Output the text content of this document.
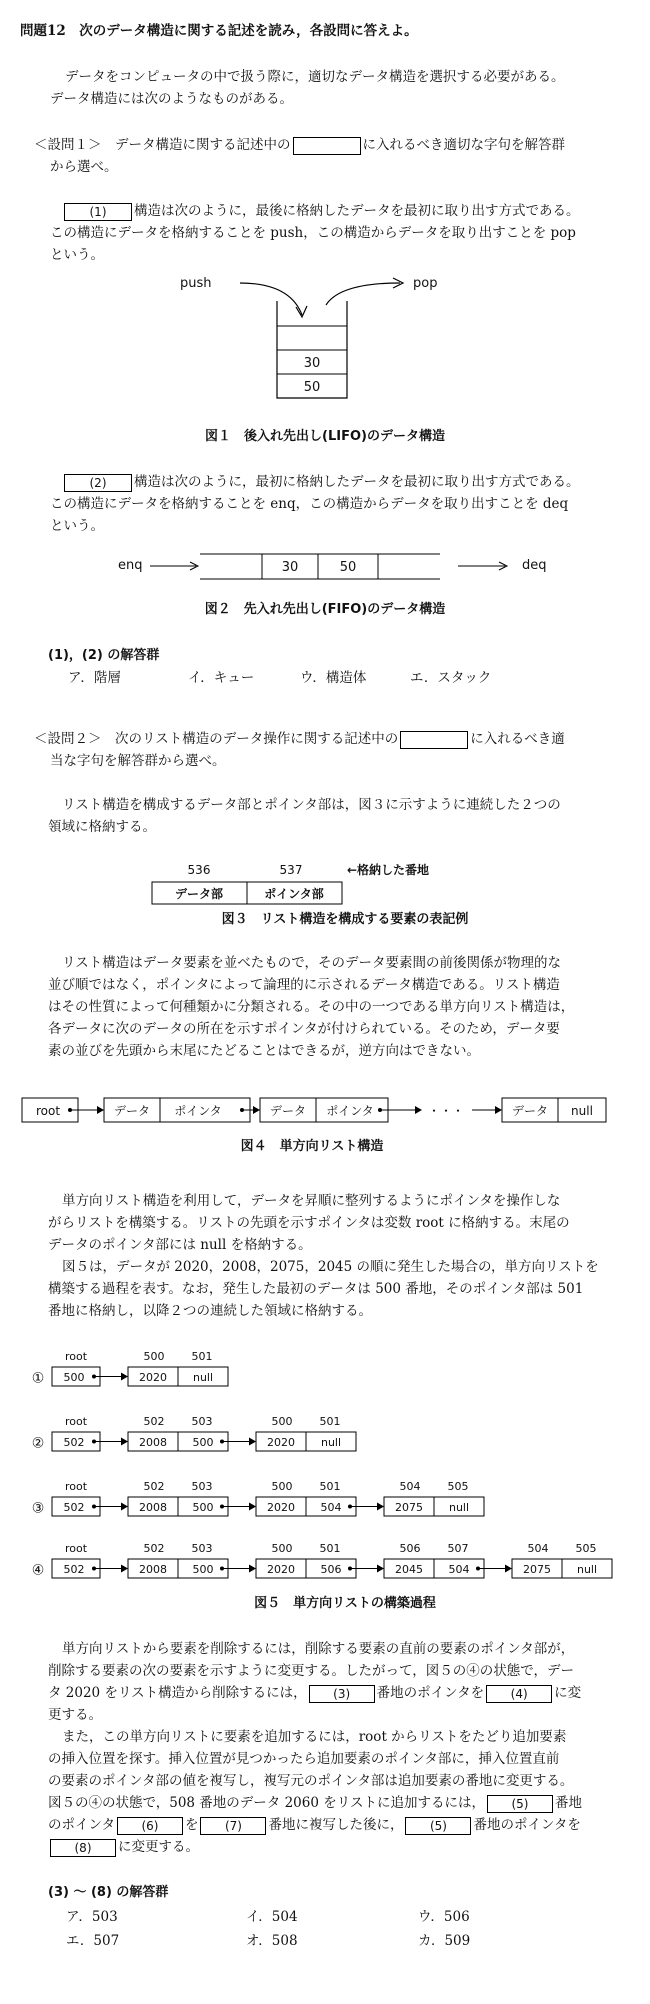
問題12　次のデータ構造に関する記述を読み，各設問に答えよ。

データをコンピュータの中で扱う際に，適切なデータ構造を選択する必要がある。

データ構造には次のようなものがある。

＜設問１＞　データ構造に関する記述中の	に入れるべき適切な字句を解答群

から選べ。

(1) 構造は次のように，最後に格納したデータを最初に取り出す方式である。

この構造にデータを格納することを push，この構造からデータを取り出すことを pop

という。

push	pop
30
50
図１　後入れ先出し(LIFO)のデータ構造

(2) 構造は次のように，最初に格納したデータを最初に取り出す方式である。

この構造にデータを格納することを enq，この構造からデータを取り出すことを deq

という。

enq	30	50	deq
図２　先入れ先出し(FIFO)のデータ構造

(1)，(2) の解答群

ア．階層	イ．キュー	ウ．構造体	エ．スタック

＜設問２＞　次のリスト構造のデータ操作に関する記述中の	に入れるべき適

当な字句を解答群から選べ。

リスト構造を構成するデータ部とポインタ部は，図３に示すように連続した２つの

領域に格納する。

536	537	←格納した番地
データ部	ポインタ部
図３　リスト構造を構成する要素の表記例

リスト構造はデータ要素を並べたもので，そのデータ要素間の前後関係が物理的な

並び順ではなく，ポインタによって論理的に示されるデータ構造である。リスト構造

はその性質によって何種類かに分類される。その中の一つである単方向リスト構造は，

各データに次のデータの所在を示すポインタが付けられている。そのため，データ要

素の並びを先頭から末尾にたどることはできるが，逆方向はできない。

root	データ ポインタ	データ ポインタ	・・・	データ null
図４　単方向リスト構造

単方向リスト構造を利用して，データを昇順に整列するようにポインタを操作しな

がらリストを構築する。リストの先頭を示すポインタは変数 root に格納する。末尾の

データのポインタ部には null を格納する。

図５は，データが 2020，2008，2075，2045 の順に発生した場合の，単方向リストを

構築する過程を表す。なお，発生した最初のデータは 500 番地，そのポインタ部は 501

番地に格納し，以降２つの連続した領域に格納する。

①
root
500
500 501
2020 null
②
root
502
502 503
2008 500
500 501
2020 null
③
root
502
502 503
2008 500
500 501
2020 504
504 505
2075 null
④
root
502
502 503
2008 500
500 501
2020 506
506 507
2045 504
504 505
2075 null
図５　単方向リストの構築過程

単方向リストから要素を削除するには，削除する要素の直前の要素のポインタ部が，

削除する要素の次の要素を示すように変更する。したがって，図５の④の状態で，デー

タ 2020 をリスト構造から削除するには， (3) 番地のポインタを (4) に変

更する。

また，この単方向リストに要素を追加するには，root からリストをたどり追加要素

の挿入位置を探す。挿入位置が見つかったら追加要素のポインタ部に，挿入位置直前

の要素のポインタ部の値を複写し，複写元のポインタ部は追加要素の番地に変更する。

図５の④の状態で，508 番地のデータ 2060 をリストに追加するには， (5) 番地

のポインタ (6) を (7) 番地に複写した後に， (5) 番地のポインタを

(8) に変更する。

(3) ～ (8) の解答群

ア．503	イ．504	ウ．506

エ．507	オ．508	カ．509
